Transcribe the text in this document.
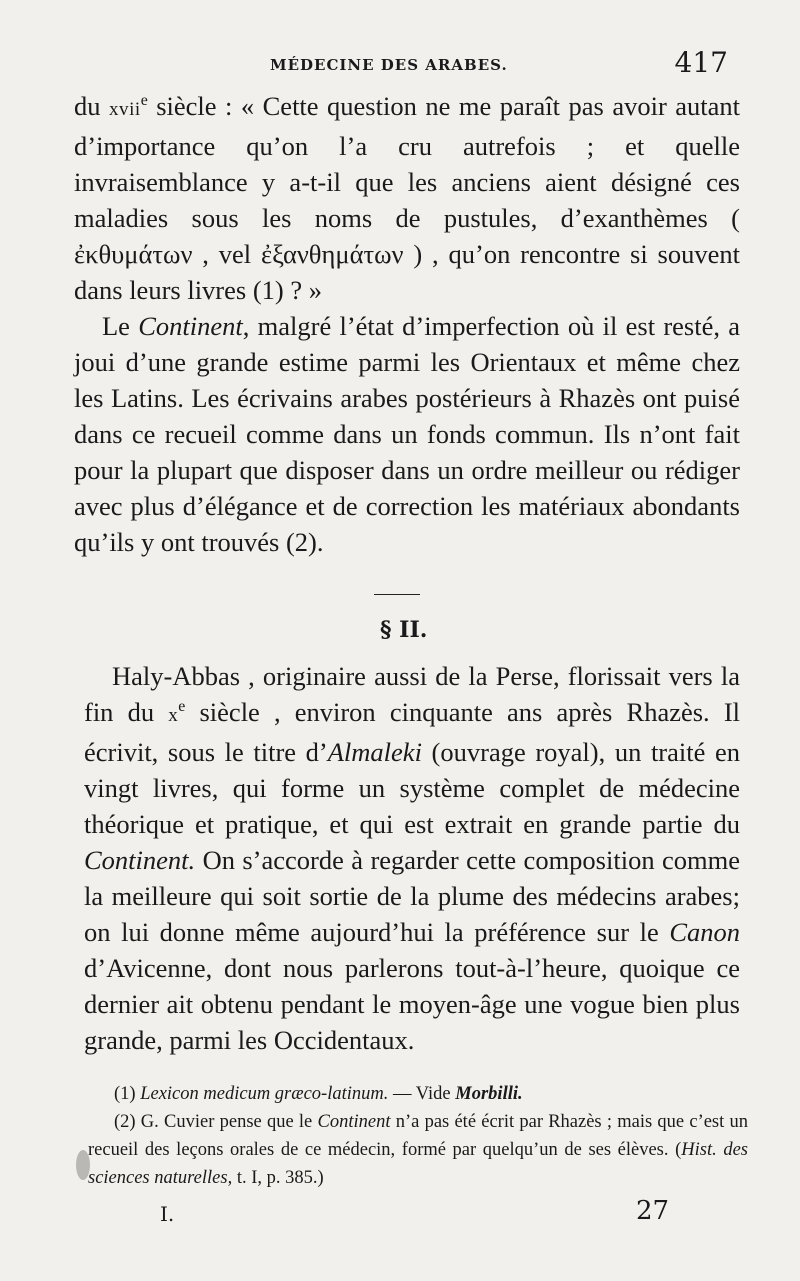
MÉDECINE DES ARABES.	417

du xvii$^e$ siècle : « Cette question ne me paraît pas avoir autant d’importance qu’on l’a cru autrefois ; et quelle invraisemblance y a-t-il que les anciens aient désigné ces maladies sous les noms de pustules, d’exanthèmes ( ἐκθυμάτων , vel ἐξανθημάτων ) , qu’on rencontre si souvent dans leurs livres (1) ? »

Le Continent, malgré l’état d’imperfection où il est resté, a joui d’une grande estime parmi les Orientaux et même chez les Latins. Les écrivains arabes postérieurs à Rhazès ont puisé dans ce recueil comme dans un fonds commun. Ils n’ont fait pour la plupart que disposer dans un ordre meilleur ou rédiger avec plus d’élégance et de correction les matériaux abondants qu’ils y ont trouvés (2).

§ II.

Haly-Abbas , originaire aussi de la Perse, florissait vers la fin du $x^e$ siècle , environ cinquante ans après Rhazès. Il écrivit, sous le titre d’Almaleki (ouvrage royal), un traité en vingt livres, qui forme un système complet de médecine théorique et pratique, et qui est extrait en grande partie du Continent. On s’accorde à regarder cette composition comme la meilleure qui soit sortie de la plume des médecins arabes; on lui donne même aujourd’hui la préférence sur le Canon d’Avicenne, dont nous parlerons tout-à-l’heure, quoique ce dernier ait obtenu pendant le moyen-âge une vogue bien plus grande, parmi les Occidentaux.

(1) Lexicon medicum græco-latinum. — Vide Morbilli.

(2) G. Cuvier pense que le Continent n’a pas été écrit par Rhazès ; mais que c’est un recueil des leçons orales de ce médecin, formé par quelqu’un de ses élèves. (Hist. des sciences naturelles, t. I, p. 385.)

I.	27
